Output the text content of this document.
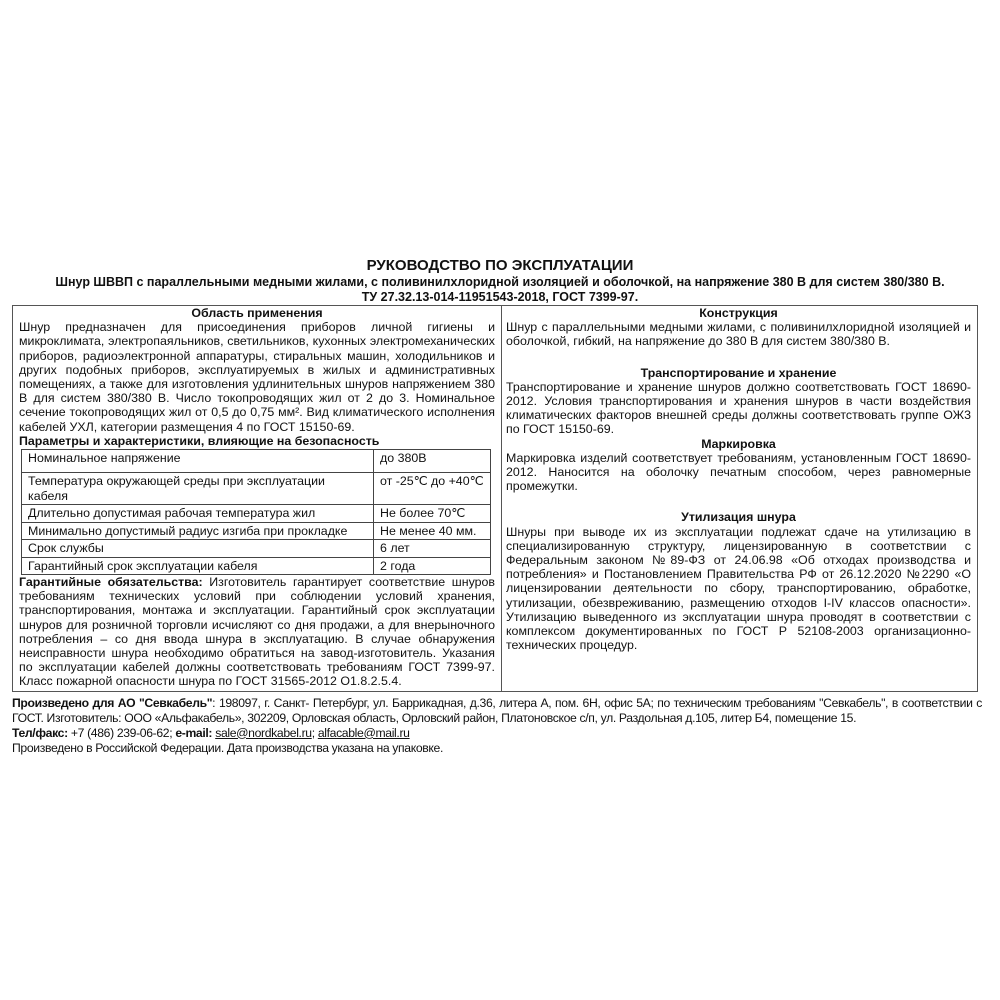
РУКОВОДСТВО ПО ЭКСПЛУАТАЦИИ
Шнур ШВВП с параллельными медными жилами, с поливинилхлоридной изоляцией и оболочкой, на напряжение 380 В для систем 380/380 В.
ТУ 27.32.13-014-11951543-2018, ГОСТ 7399-97.
Область применения

Шнур предназначен для присоединения приборов личной гигиены и микроклимата, электропаяльников, светильников, кухонных электромеханических приборов, радиоэлектронной аппаратуры, стиральных машин, холодильников и других подобных приборов, эксплуатируемых в жилых и административных помещениях, а также для изготовления удлинительных шнуров напряжением 380 В для систем 380/380 В. Число токопроводящих жил от 2 до 3. Номинальное сечение токопроводящих жил от 0,5 до 0,75 мм². Вид климатического исполнения кабелей УХЛ, категории размещения 4 по ГОСТ 15150-69.

Параметры и характеристики, влияющие на безопасность
Номинальное напряжение	до 380В
Температура окружающей среды при эксплуатации кабеля	от -25℃ до +40℃
Длительно допустимая рабочая температура жил	Не более 70℃
Минимально допустимый радиус изгиба при прокладке	Не менее 40 мм.
Срок службы	6 лет
Гарантийный срок эксплуатации кабеля	2 года

Гарантийные обязательства: Изготовитель гарантирует соответствие шнуров требованиям технических условий при соблюдении условий хранения, транспортирования, монтажа и эксплуатации. Гарантийный срок эксплуатации шнуров для розничной торговли исчисляют со дня продажи, а для внерыночного потребления – со дня ввода шнура в эксплуатацию. В случае обнаружения неисправности шнура необходимо обратиться на завод-изготовитель. Указания по эксплуатации кабелей должны соответствовать требованиям ГОСТ 7399-97. Класс пожарной опасности шнура по ГОСТ 31565-2012 О1.8.2.5.4.

Конструкция

Шнур с параллельными медными жилами, с поливинилхлоридной изоляцией и оболочкой, гибкий, на напряжение до 380 В для систем 380/380 В.

Транспортирование и хранение

Транспортирование и хранение шнуров должно соответствовать ГОСТ 18690-2012. Условия транспортирования и хранения шнуров в части воздействия климатических факторов внешней среды должны соответствовать группе ОЖ3 по ГОСТ 15150-69.

Маркировка

Маркировка изделий соответствует требованиям, установленным ГОСТ 18690-2012. Наносится на оболочку печатным способом, через равномерные промежутки.

Утилизация шнура

Шнуры при выводе их из эксплуатации подлежат сдаче на утилизацию в специализированную структуру, лицензированную в соответствии с Федеральным законом №89-ФЗ от 24.06.98 «Об отходах производства и потребления» и Постановлением Правительства РФ от 26.12.2020 №2290 «О лицензировании деятельности по сбору, транспортированию, обработке, утилизации, обезвреживанию, размещению отходов I-IV классов опасности». Утилизацию выведенного из эксплуатации шнура проводят в соответствии с комплексом документированных по ГОСТ Р 52108-2003 организационно-технических процедур.

Произведено для АО "Севкабель": 198097, г. Санкт- Петербург, ул. Баррикадная, д.36, литера А, пом. 6Н, офис 5А; по техническим требованиям "Севкабель", в соответствии с ГОСТ. Изготовитель: ООО «Альфакабель», 302209, Орловская область, Орловский район, Платоновское с/п, ул. Раздольная д.105, литер Б4, помещение 15.

Тел/факс: +7 (486) 239-06-62; e-mail: sale@nordkabel.ru; alfacable@mail.ru
Произведено в Российской Федерации. Дата производства указана на упаковке.
